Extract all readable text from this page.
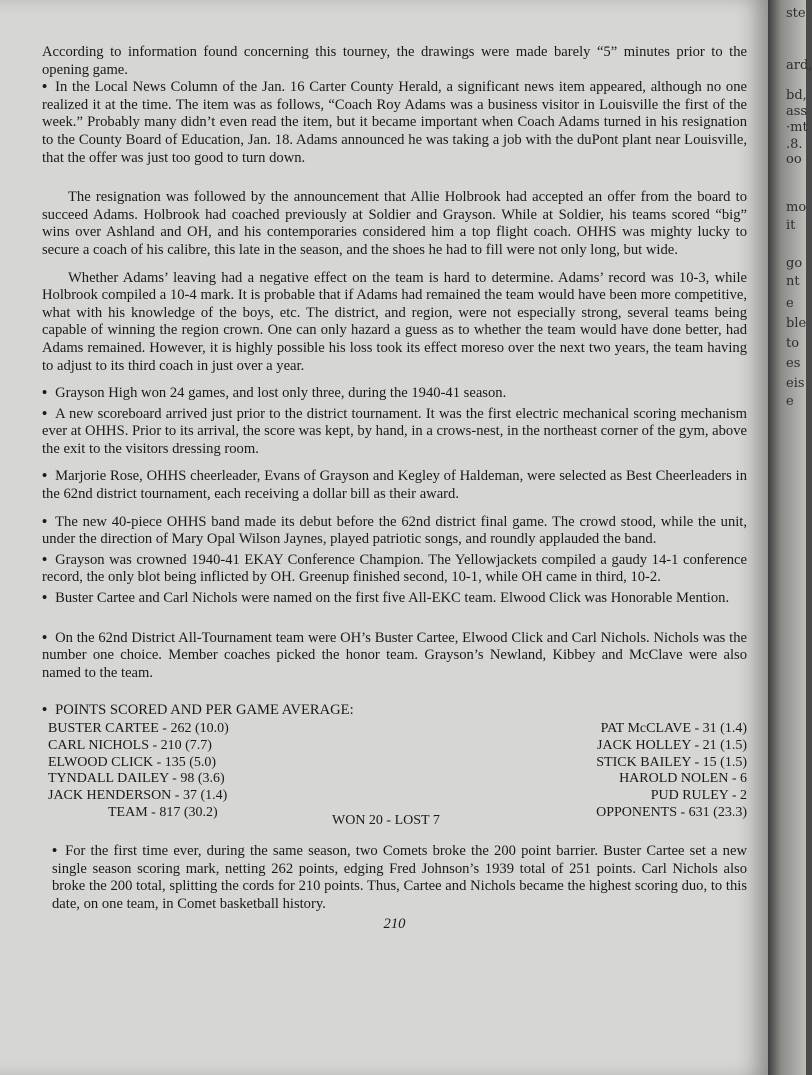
According to information found concerning this tourney, the drawings were made barely “5” minutes prior to the opening game.

• In the Local News Column of the Jan. 16 Carter County Herald, a significant news item appeared, although no one realized it at the time. The item was as follows, “Coach Roy Adams was a business visitor in Louisville the first of the week.” Probably many didn’t even read the item, but it became important when Coach Adams turned in his resignation to the County Board of Education, Jan. 18. Adams announced he was taking a job with the duPont plant near Louisville, that the offer was just too good to turn down.

The resignation was followed by the announcement that Allie Holbrook had accepted an offer from the board to succeed Adams. Holbrook had coached previously at Soldier and Grayson. While at Soldier, his teams scored “big” wins over Ashland and OH, and his contemporaries considered him a top flight coach. OHHS was mighty lucky to secure a coach of his calibre, this late in the season, and the shoes he had to fill were not only long, but wide.

Whether Adams’ leaving had a negative effect on the team is hard to determine. Adams’ record was 10-3, while Holbrook compiled a 10-4 mark. It is probable that if Adams had remained the team would have been more competitive, what with his knowledge of the boys, etc. The district, and region, were not especially strong, several teams being capable of winning the region crown. One can only hazard a guess as to whether the team would have done better, had Adams remained. However, it is highly possible his loss took its effect moreso over the next two years, the team having to adjust to its third coach in just over a year.

• Grayson High won 24 games, and lost only three, during the 1940-41 season.

• A new scoreboard arrived just prior to the district tournament. It was the first electric mechanical scoring mechanism ever at OHHS. Prior to its arrival, the score was kept, by hand, in a crows-nest, in the northeast corner of the gym, above the exit to the visitors dressing room.

• Marjorie Rose, OHHS cheerleader, Evans of Grayson and Kegley of Haldeman, were selected as Best Cheerleaders in the 62nd district tournament, each receiving a dollar bill as their award.

• The new 40-piece OHHS band made its debut before the 62nd district final game. The crowd stood, while the unit, under the direction of Mary Opal Wilson Jaynes, played patriotic songs, and roundly applauded the band.

• Grayson was crowned 1940-41 EKAY Conference Champion. The Yellowjackets compiled a gaudy 14-1 conference record, the only blot being inflicted by OH. Greenup finished second, 10-1, while OH came in third, 10-2.

• Buster Cartee and Carl Nichols were named on the first five All-EKC team. Elwood Click was Honorable Mention.

• On the 62nd District All-Tournament team were OH’s Buster Cartee, Elwood Click and Carl Nichols. Nichols was the number one choice. Member coaches picked the honor team. Grayson’s Newland, Kibbey and McClave were also named to the team.

• POINTS SCORED AND PER GAME AVERAGE:

BUSTER CARTEE - 262 (10.0)
CARL NICHOLS - 210 (7.7)
ELWOOD CLICK - 135 (5.0)
TYNDALL DAILEY - 98 (3.6)
JACK HENDERSON - 37 (1.4)
TEAM - 817 (30.2)
PAT McCLAVE - 31 (1.4)
JACK HOLLEY - 21 (1.5)
STICK BAILEY - 15 (1.5)
HAROLD NOLEN - 6
PUD RULEY - 2
OPPONENTS - 631 (23.3)
WON 20 - LOST 7

• For the first time ever, during the same season, two Comets broke the 200 point barrier. Buster Cartee set a new single season scoring mark, netting 262 points, edging Fred Johnson’s 1939 total of 251 points. Carl Nichols also broke the 200 total, splitting the cords for 210 points. Thus, Cartee and Nichols became the highest scoring duo, to this date, on one team, in Comet basketball history.

210
ste
ard,
bd,
ass
·mt
.8.
oo
mo
it
go
nt
e
ble
to
es
eis
e
